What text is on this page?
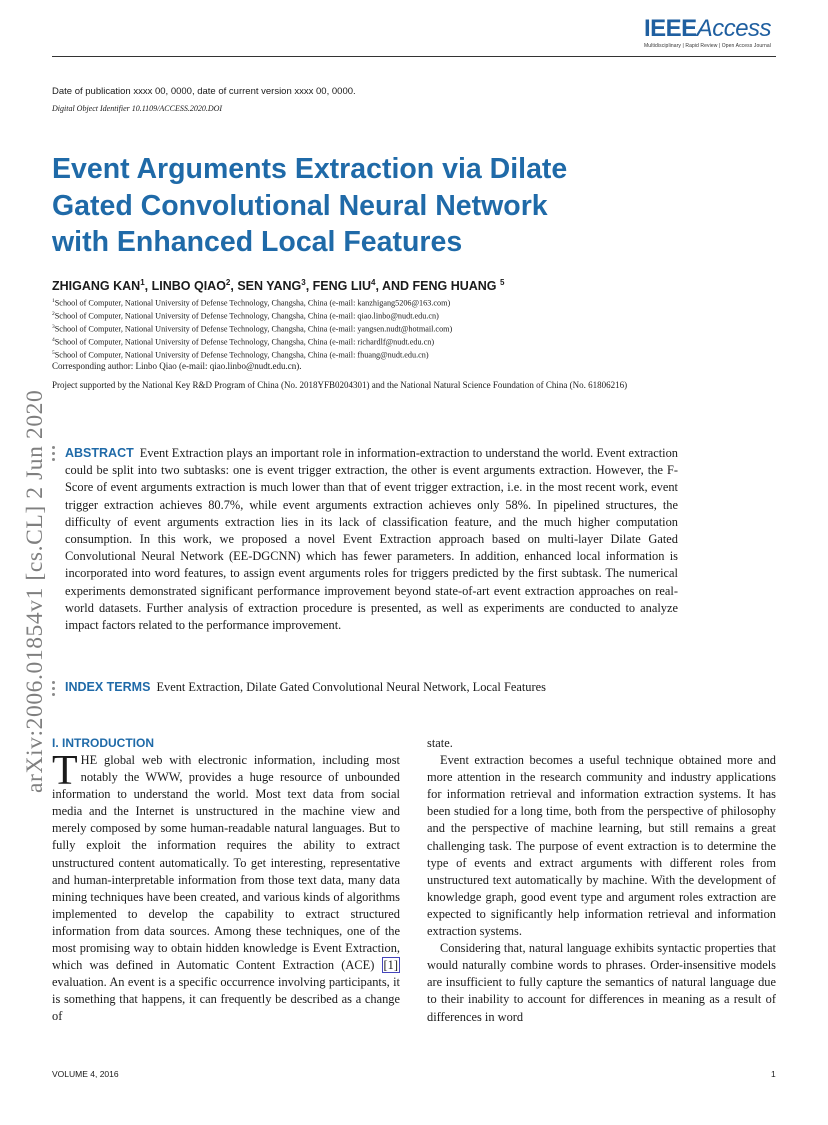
IEEEAccess
Multidisciplinary | Rapid Review | Open Access Journal
Date of publication xxxx 00, 0000, date of current version xxxx 00, 0000.
Digital Object Identifier 10.1109/ACCESS.2020.DOI
Event Arguments Extraction via Dilate
Gated Convolutional Neural Network
with Enhanced Local Features
ZHIGANG KAN$^1$, LINBO QIAO$^2$, SEN YANG$^3$, FENG LIU$^4$, AND FENG HUANG $^5$
$^1$School of Computer, National University of Defense Technology, Changsha, China (e-mail: kanzhigang5206@163.com)
$^2$School of Computer, National University of Defense Technology, Changsha, China (e-mail: qiao.linbo@nudt.edu.cn)
$^3$School of Computer, National University of Defense Technology, Changsha, China (e-mail: yangsen.nudt@hotmail.com)
$^4$School of Computer, National University of Defense Technology, Changsha, China (e-mail: richardlf@nudt.edu.cn)
$^5$School of Computer, National University of Defense Technology, Changsha, China (e-mail: fhuang@nudt.edu.cn)
Corresponding author: Linbo Qiao (e-mail: qiao.linbo@nudt.edu.cn).
Project supported by the National Key R&D Program of China (No. 2018YFB0204301) and the National Natural Science Foundation of China (No. 61806216)
arXiv:2006.01854v1 [cs.CL] 2 Jun 2020 ABSTRACT Event Extraction plays an important role in information-extraction to understand the world. Event extraction could be split into two subtasks: one is event trigger extraction, the other is event arguments extraction. However, the F-Score of event arguments extraction is much lower than that of event trigger extraction, i.e. in the most recent work, event trigger extraction achieves 80.7%, while event arguments extraction achieves only 58%. In pipelined structures, the difficulty of event arguments extraction lies in its lack of classification feature, and the much higher computation consumption. In this work, we proposed a novel Event Extraction approach based on multi-layer Dilate Gated Convolutional Neural Network (EE-DGCNN) which has fewer parameters. In addition, enhanced local information is incorporated into word features, to assign event arguments roles for triggers predicted by the first subtask. The numerical experiments demonstrated significant performance improvement beyond state-of-art event extraction approaches on real-world datasets. Further analysis of extraction procedure is presented, as well as experiments are conducted to analyze impact factors related to the performance improvement.

INDEX TERMS Event Extraction, Dilate Gated Convolutional Neural Network, Local Features
I. INTRODUCTION

THE global web with electronic information, including most notably the WWW, provides a huge resource of unbounded information to understand the world. Most text data from social media and the Internet is unstructured in the machine view and merely composed by some human-readable natural languages. But to fully exploit the information requires the ability to extract unstructured content automatically. To get interesting, representative and human-interpretable information from those text data, many data mining techniques have been created, and various kinds of algorithms implemented to develop the capability to extract structured information from data sources. Among these techniques, one of the most promising way to obtain hidden knowledge is Event Extraction, which was defined in Automatic Content Extraction (ACE) [1] evaluation. An event is a specific occurrence involving participants, it is something that happens, it can frequently be described as a change of

state.

Event extraction becomes a useful technique obtained more and more attention in the research community and industry applications for information retrieval and information extraction systems. It has been studied for a long time, both from the perspective of philosophy and the perspective of machine learning, but still remains a great challenging task. The purpose of event extraction is to determine the type of events and extract arguments with different roles from unstructured text automatically by machine. With the development of knowledge graph, good event type and argument roles extraction are expected to significantly help information retrieval and information extraction systems.

Considering that, natural language exhibits syntactic properties that would naturally combine words to phrases. Order-insensitive models are insufficient to fully capture the semantics of natural language due to their inability to account for differences in meaning as a result of differences in word

VOLUME 4, 2016	1
